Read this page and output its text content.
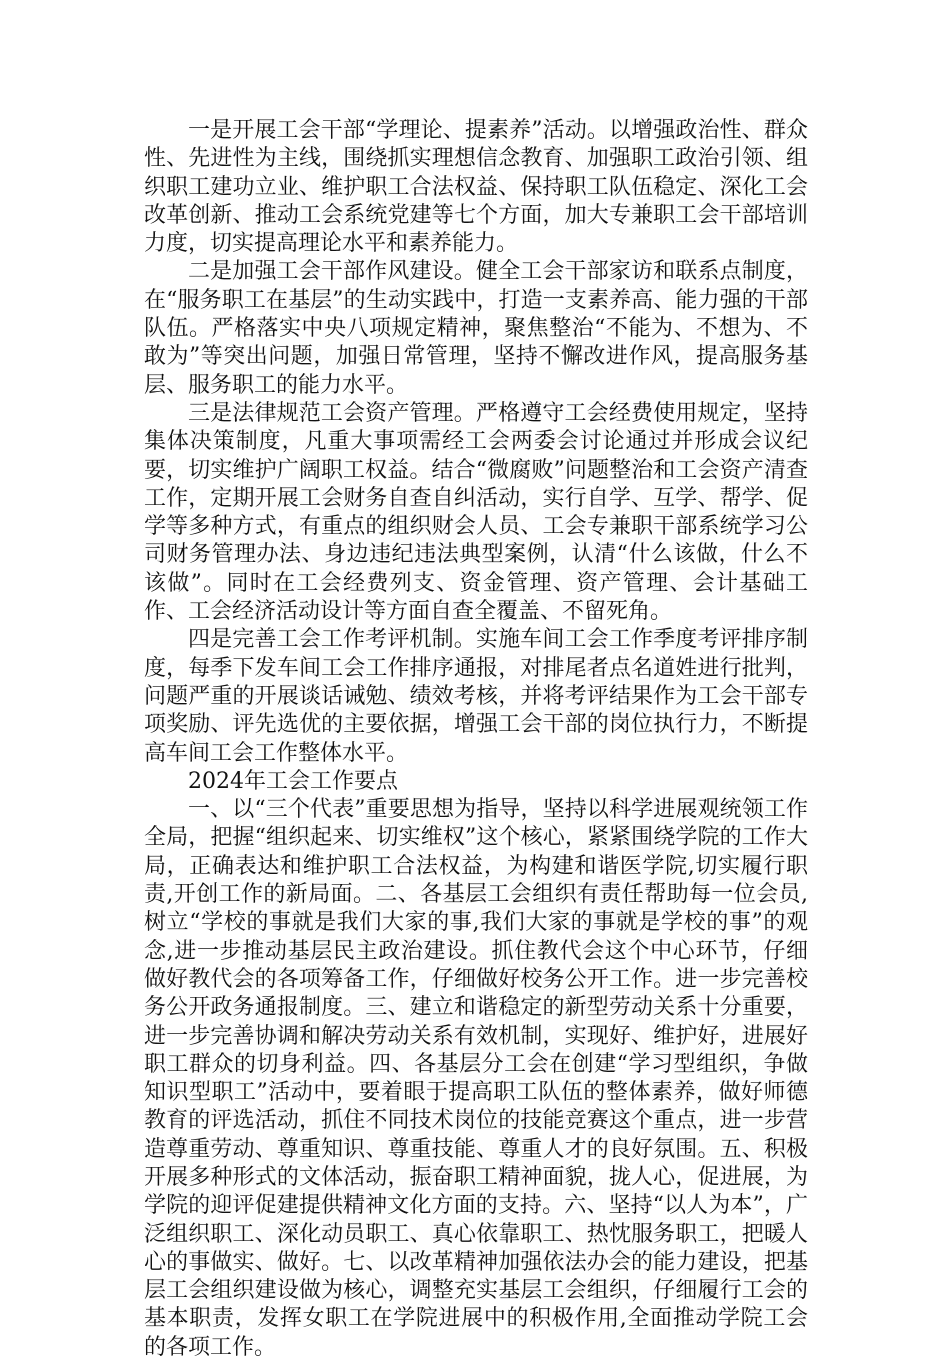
一是开展工会干部“学理论、提素养”活动。以增强政治性、群众性、先进性为主线，围绕抓实理想信念教育、加强职工政治引领、组织职工建功立业、维护职工合法权益、保持职工队伍稳定、深化工会改革创新、推动工会系统党建等七个方面，加大专兼职工会干部培训力度，切实提高理论水平和素养能力。

二是加强工会干部作风建设。健全工会干部家访和联系点制度，在“服务职工在基层”的生动实践中，打造一支素养高、能力强的干部队伍。严格落实中央八项规定精神，聚焦整治“不能为、不想为、不敢为”等突出问题，加强日常管理，坚持不懈改进作风，提高服务基层、服务职工的能力水平。

三是法律规范工会资产管理。严格遵守工会经费使用规定，坚持集体决策制度，凡重大事项需经工会两委会讨论通过并形成会议纪要，切实维护广阔职工权益。结合“微腐败”问题整治和工会资产清查工作，定期开展工会财务自查自纠活动，实行自学、互学、帮学、促学等多种方式，有重点的组织财会人员、工会专兼职干部系统学习公司财务管理办法、身边违纪违法典型案例，认清“什么该做，什么不该做”。同时在工会经费列支、资金管理、资产管理、会计基础工作、工会经济活动设计等方面自查全覆盖、不留死角。

四是完善工会工作考评机制。实施车间工会工作季度考评排序制度，每季下发车间工会工作排序通报，对排尾者点名道姓进行批判，问题严重的开展谈话诫勉、绩效考核，并将考评结果作为工会干部专项奖励、评先选优的主要依据，增强工会干部的岗位执行力，不断提高车间工会工作整体水平。

2024年工会工作要点

一、以“三个代表”重要思想为指导，坚持以科学进展观统领工作全局，把握“组织起来、切实维权”这个核心，紧紧围绕学院的工作大局，正确表达和维护职工合法权益，为构建和谐医学院,切实履行职责,开创工作的新局面。二、各基层工会组织有责任帮助每一位会员,树立“学校的事就是我们大家的事,我们大家的事就是学校的事”的观念,进一步推动基层民主政治建设。抓住教代会这个中心环节，仔细做好教代会的各项筹备工作，仔细做好校务公开工作。进一步完善校务公开政务通报制度。三、建立和谐稳定的新型劳动关系十分重要，进一步完善协调和解决劳动关系有效机制，实现好、维护好，进展好职工群众的切身利益。四、各基层分工会在创建“学习型组织，争做知识型职工”活动中，要着眼于提高职工队伍的整体素养，做好师德教育的评选活动，抓住不同技术岗位的技能竞赛这个重点，进一步营造尊重劳动、尊重知识、尊重技能、尊重人才的良好氛围。五、积极开展多种形式的文体活动，振奋职工精神面貌，拢人心，促进展，为学院的迎评促建提供精神文化方面的支持。六、坚持“以人为本”，广泛组织职工、深化动员职工、真心依靠职工、热忱服务职工，把暖人心的事做实、做好。七、以改革精神加强依法办会的能力建设，把基层工会组织建设做为核心，调整充实基层工会组织，仔细履行工会的基本职责，发挥女职工在学院进展中的积极作用,全面推动学院工会的各项工作。
